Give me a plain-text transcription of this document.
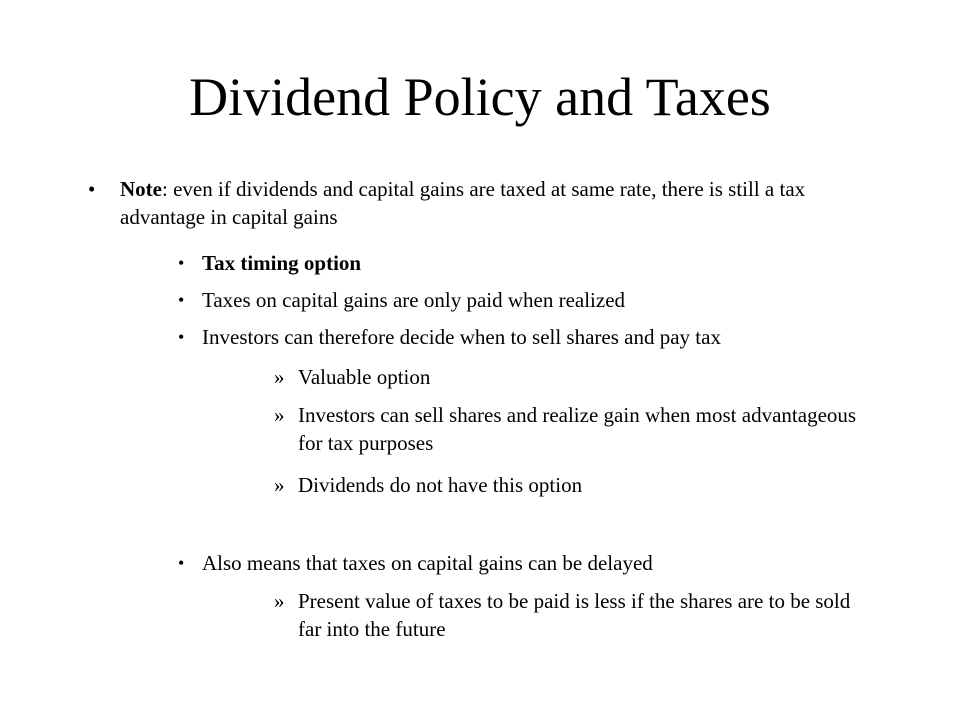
Dividend Policy and Taxes
• Note: even if dividends and capital gains are taxed at same rate, there is still a tax advantage in capital gains
• Tax timing option
• Taxes on capital gains are only paid when realized
• Investors can therefore decide when to sell shares and pay tax
» Valuable option
» Investors can sell shares and realize gain when most advantageous for tax purposes
» Dividends do not have this option
• Also means that taxes on capital gains can be delayed
» Present value of taxes to be paid is less if the shares are to be sold far into the future
